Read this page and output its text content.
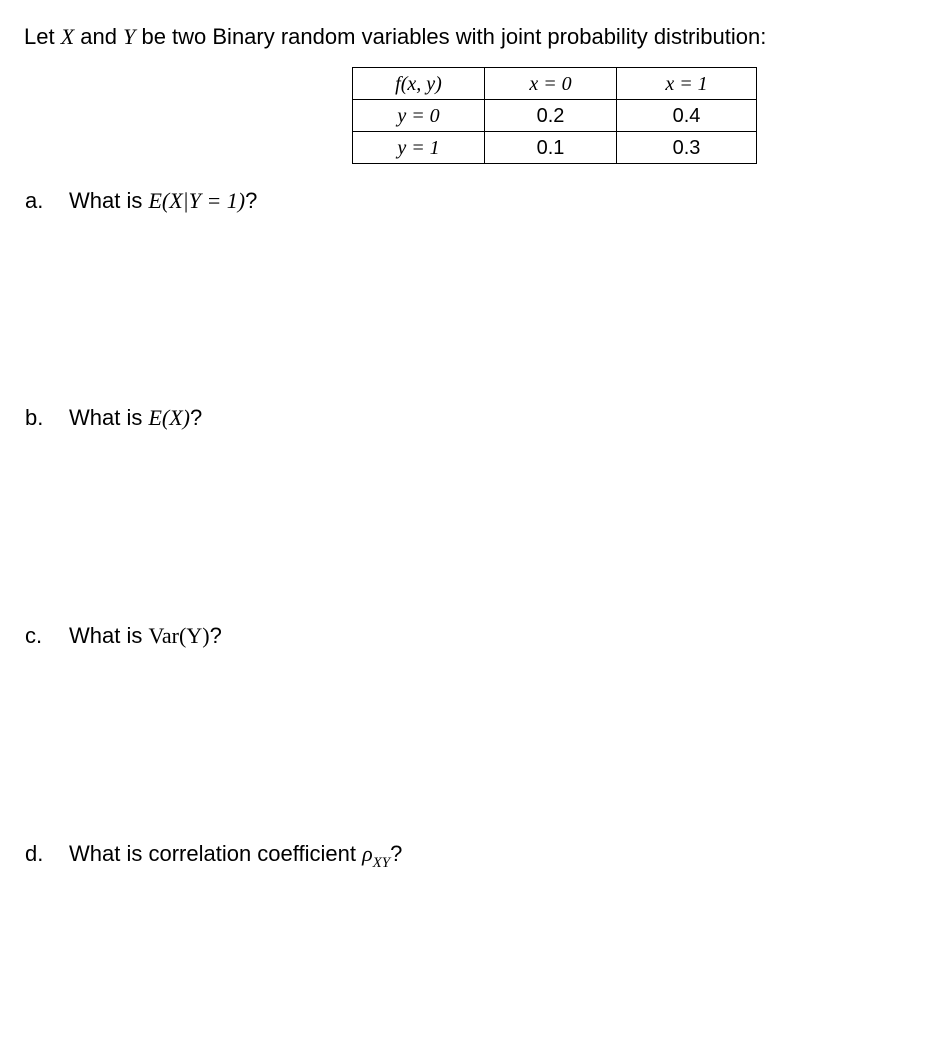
Let X and Y be two Binary random variables with joint probability distribution:
f(x, y)	x = 0	x = 1
y = 0	0.2	0.4
y = 1	0.1	0.3
a. What is E(X|Y = 1)?
b. What is E(X)?
c. What is Var(Y)?
d. What is correlation coefficient $\rho_{XY}$?
